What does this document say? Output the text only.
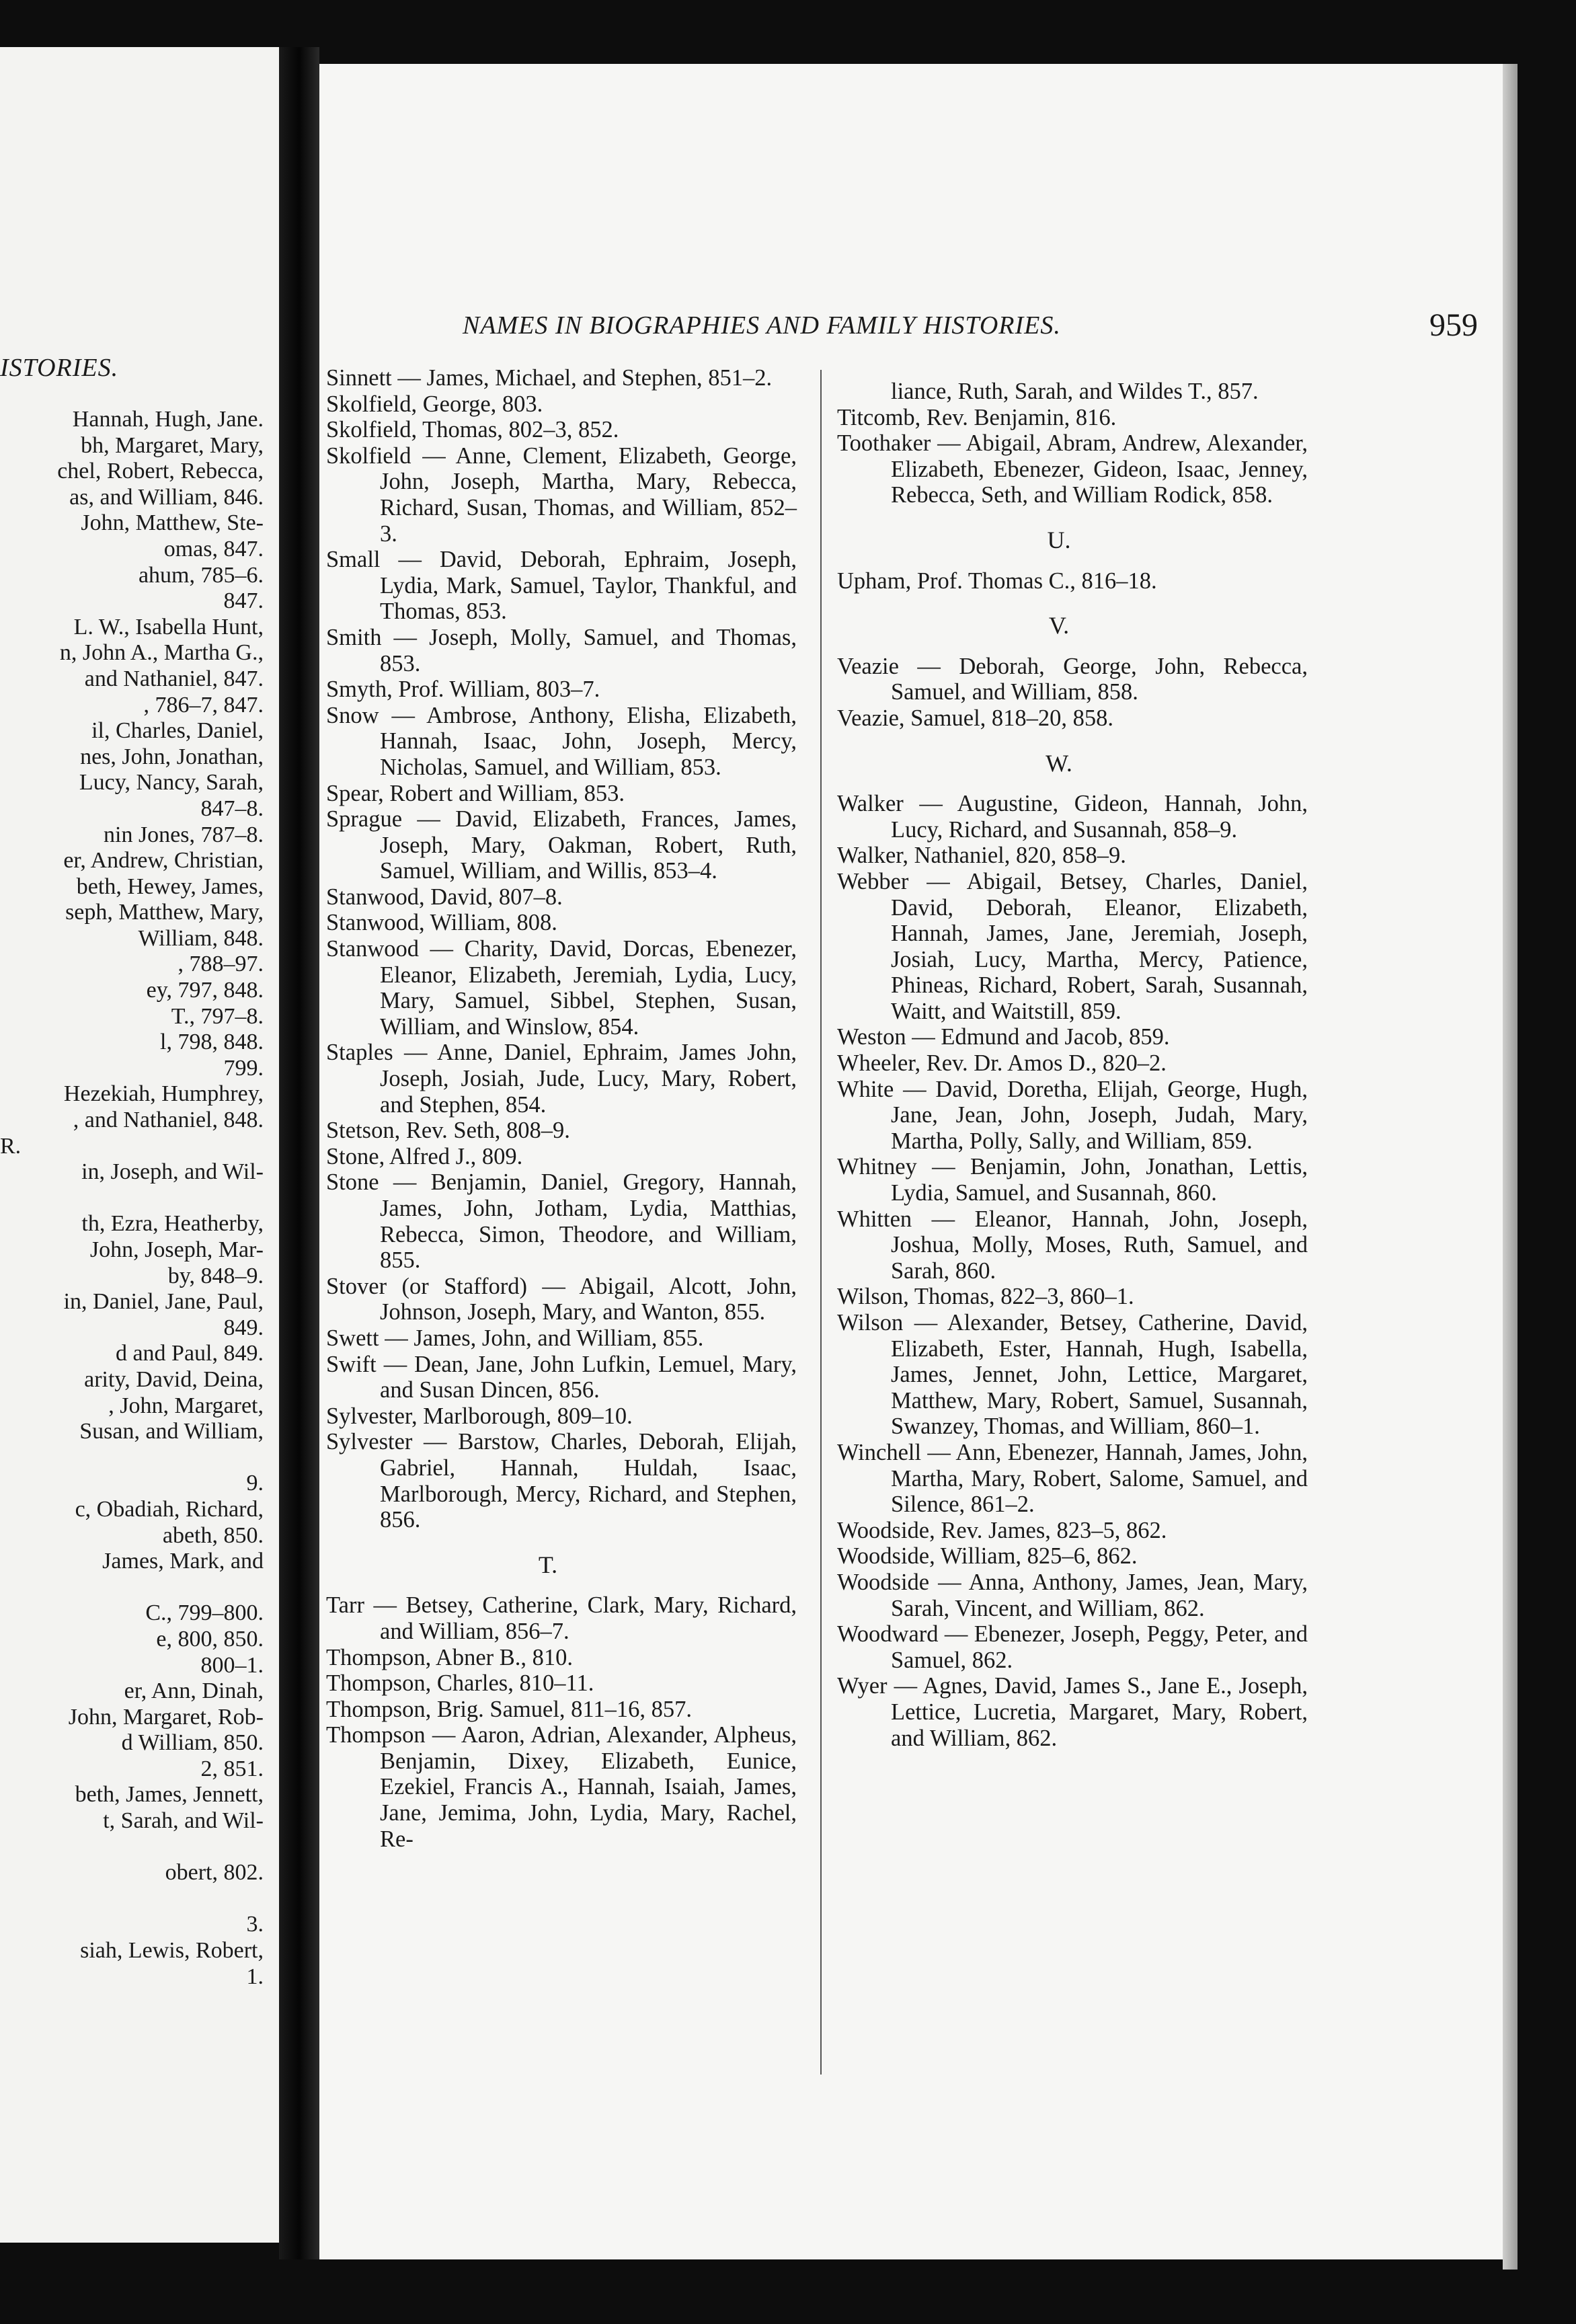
ISTORIES.
Hannah, Hugh, Jane.
bh, Margaret, Mary,
chel, Robert, Rebecca,
as, and William, 846.
John, Matthew, Ste-
omas, 847.
ahum, 785–6.
847.
L. W., Isabella Hunt,
n, John A., Martha G.,
and Nathaniel, 847.
, 786–7, 847.
il, Charles, Daniel,
nes, John, Jonathan,
Lucy, Nancy, Sarah,
847–8.
nin Jones, 787–8.
er, Andrew, Christian,
beth, Hewey, James,
seph, Matthew, Mary,
William, 848.
, 788–97.
ey, 797, 848.
T., 797–8.
l, 798, 848.
799.
Hezekiah, Humphrey,
, and Nathaniel, 848.
R.
in, Joseph, and Wil-

th, Ezra, Heatherby,
John, Joseph, Mar-
by, 848–9.
in, Daniel, Jane, Paul,
849.
d and Paul, 849.
arity, David, Deina,
, John, Margaret,
Susan, and William,

9.
c, Obadiah, Richard,
abeth, 850.
James, Mark, and

C., 799–800.
e, 800, 850.
800–1.
er, Ann, Dinah,
John, Margaret, Rob-
d William, 850.
2, 851.
beth, James, Jennett,
t, Sarah, and Wil-

obert, 802.

3.
siah, Lewis, Robert,
1.
NAMES IN BIOGRAPHIES AND FAMILY HISTORIES.	959
Sinnett — James, Michael, and Stephen, 851–2.
Skolfield, George, 803.
Skolfield, Thomas, 802–3, 852.
Skolfield — Anne, Clement, Elizabeth, George, John, Joseph, Martha, Mary, Rebecca, Richard, Susan, Thomas, and William, 852–3.
Small — David, Deborah, Ephraim, Joseph, Lydia, Mark, Samuel, Taylor, Thankful, and Thomas, 853.
Smith — Joseph, Molly, Samuel, and Thomas, 853.
Smyth, Prof. William, 803–7.
Snow — Ambrose, Anthony, Elisha, Elizabeth, Hannah, Isaac, John, Joseph, Mercy, Nicholas, Samuel, and William, 853.
Spear, Robert and William, 853.
Sprague — David, Elizabeth, Frances, James, Joseph, Mary, Oakman, Robert, Ruth, Samuel, William, and Willis, 853–4.
Stanwood, David, 807–8.
Stanwood, William, 808.
Stanwood — Charity, David, Dorcas, Ebenezer, Eleanor, Elizabeth, Jeremiah, Lydia, Lucy, Mary, Samuel, Sibbel, Stephen, Susan, William, and Winslow, 854.
Staples — Anne, Daniel, Ephraim, James John, Joseph, Josiah, Jude, Lucy, Mary, Robert, and Stephen, 854.
Stetson, Rev. Seth, 808–9.
Stone, Alfred J., 809.
Stone — Benjamin, Daniel, Gregory, Hannah, James, John, Jotham, Lydia, Matthias, Rebecca, Simon, Theodore, and William, 855.
Stover (or Stafford) — Abigail, Alcott, John, Johnson, Joseph, Mary, and Wanton, 855.
Swett — James, John, and William, 855.
Swift — Dean, Jane, John Lufkin, Lemuel, Mary, and Susan Dincen, 856.
Sylvester, Marlborough, 809–10.
Sylvester — Barstow, Charles, Deborah, Elijah, Gabriel, Hannah, Huldah, Isaac, Marlborough, Mercy, Richard, and Stephen, 856.
T.
Tarr — Betsey, Catherine, Clark, Mary, Richard, and William, 856–7.
Thompson, Abner B., 810.
Thompson, Charles, 810–11.
Thompson, Brig. Samuel, 811–16, 857.
Thompson — Aaron, Adrian, Alexander, Alpheus, Benjamin, Dixey, Elizabeth, Eunice, Ezekiel, Francis A., Hannah, Isaiah, James, Jane, Jemima, John, Lydia, Mary, Rachel, Re-
liance, Ruth, Sarah, and Wildes T., 857.
Titcomb, Rev. Benjamin, 816.
Toothaker — Abigail, Abram, Andrew, Alexander, Elizabeth, Ebenezer, Gideon, Isaac, Jenney, Rebecca, Seth, and William Rodick, 858.
U.
Upham, Prof. Thomas C., 816–18.
V.
Veazie — Deborah, George, John, Rebecca, Samuel, and William, 858.
Veazie, Samuel, 818–20, 858.
W.
Walker — Augustine, Gideon, Hannah, John, Lucy, Richard, and Susannah, 858–9.
Walker, Nathaniel, 820, 858–9.
Webber — Abigail, Betsey, Charles, Daniel, David, Deborah, Eleanor, Elizabeth, Hannah, James, Jane, Jeremiah, Joseph, Josiah, Lucy, Martha, Mercy, Patience, Phineas, Richard, Robert, Sarah, Susannah, Waitt, and Waitstill, 859.
Weston — Edmund and Jacob, 859.
Wheeler, Rev. Dr. Amos D., 820–2.
White — David, Doretha, Elijah, George, Hugh, Jane, Jean, John, Joseph, Judah, Mary, Martha, Polly, Sally, and William, 859.
Whitney — Benjamin, John, Jonathan, Lettis, Lydia, Samuel, and Susannah, 860.
Whitten — Eleanor, Hannah, John, Joseph, Joshua, Molly, Moses, Ruth, Samuel, and Sarah, 860.
Wilson, Thomas, 822–3, 860–1.
Wilson — Alexander, Betsey, Catherine, David, Elizabeth, Ester, Hannah, Hugh, Isabella, James, Jennet, John, Lettice, Margaret, Matthew, Mary, Robert, Samuel, Susannah, Swanzey, Thomas, and William, 860–1.
Winchell — Ann, Ebenezer, Hannah, James, John, Martha, Mary, Robert, Salome, Samuel, and Silence, 861–2.
Woodside, Rev. James, 823–5, 862.
Woodside, William, 825–6, 862.
Woodside — Anna, Anthony, James, Jean, Mary, Sarah, Vincent, and William, 862.
Woodward — Ebenezer, Joseph, Peggy, Peter, and Samuel, 862.
Wyer — Agnes, David, James S., Jane E., Joseph, Lettice, Lucretia, Margaret, Mary, Robert, and William, 862.
